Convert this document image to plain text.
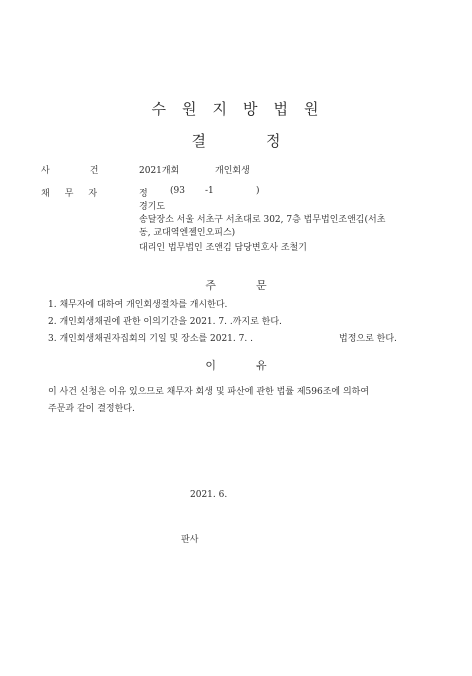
수 원 지 방 법 원
결	정
사	건	2021개회	개인회생
채 무 자	정 (93 -1	)
경기도
송달장소 서울 서초구 서초대로 302, 7층 법무법인조앤김(서초
동, 교대역엔젤인오피스)
대리인 법무법인 조앤김 담당변호사 조철기
주	문
1. 채무자에 대하여 개인회생절차를 개시한다.
2. 개인회생채권에 관한 이의기간을 2021. 7. .까지로 한다.
3. 개인회생채권자집회의 기일 및 장소를 2021. 7. .	법정으로 한다.
이	유
이 사건 신청은 이유 있으므로 채무자 회생 및 파산에 관한 법률 제596조에 의하여
주문과 같이 결정한다.
2021. 6.
판사
